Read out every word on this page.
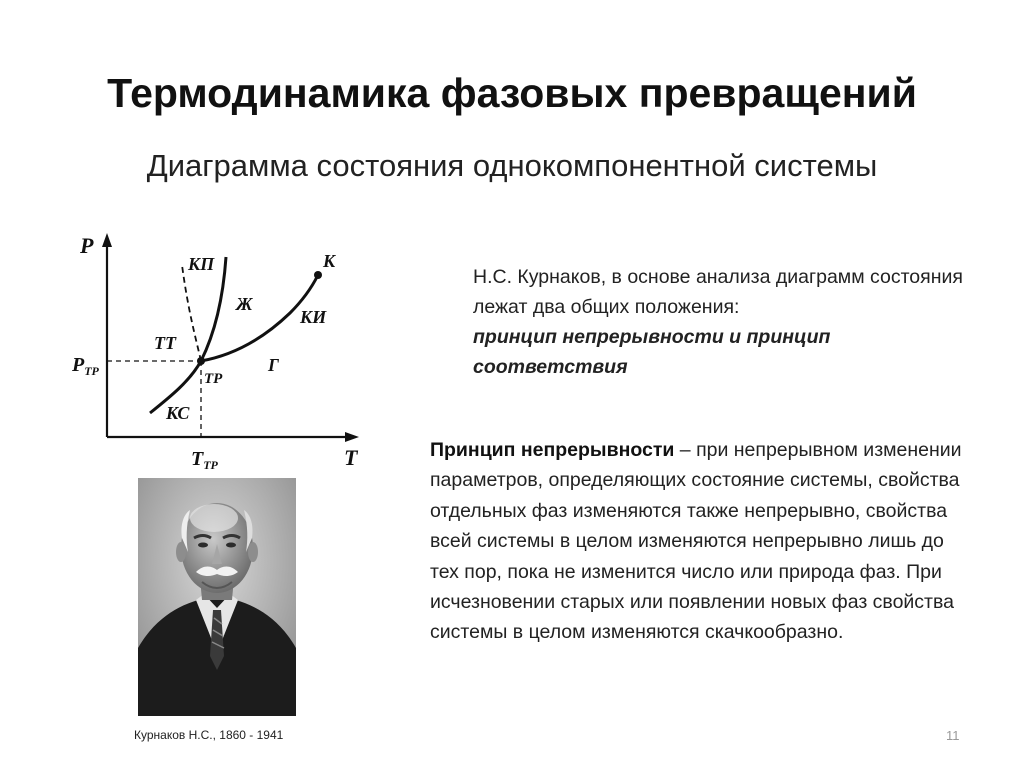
Термодинамика фазовых превращений
Диаграмма состояния однокомпонентной системы
P
T
$P_{ТР}$
$T_{ТР}$
КП	К
Ж
КИ
ТТ
Г
ТР
КС
Н.С. Курнаков, в основе анализа диаграмм состояния лежат два общих положения:
принцип непрерывности и принцип соответствия
Принцип непрерывности – при непрерывном изменении параметров, определяющих состояние системы, свойства отдельных фаз изменяются также непрерывно, свойства всей системы в целом изменяются непрерывно лишь до тех пор, пока не изменится число или природа фаз. При исчезновении старых или появлении новых фаз свойства системы в целом изменяются скачкообразно.
Курнаков Н.С., 1860 - 1941	11
